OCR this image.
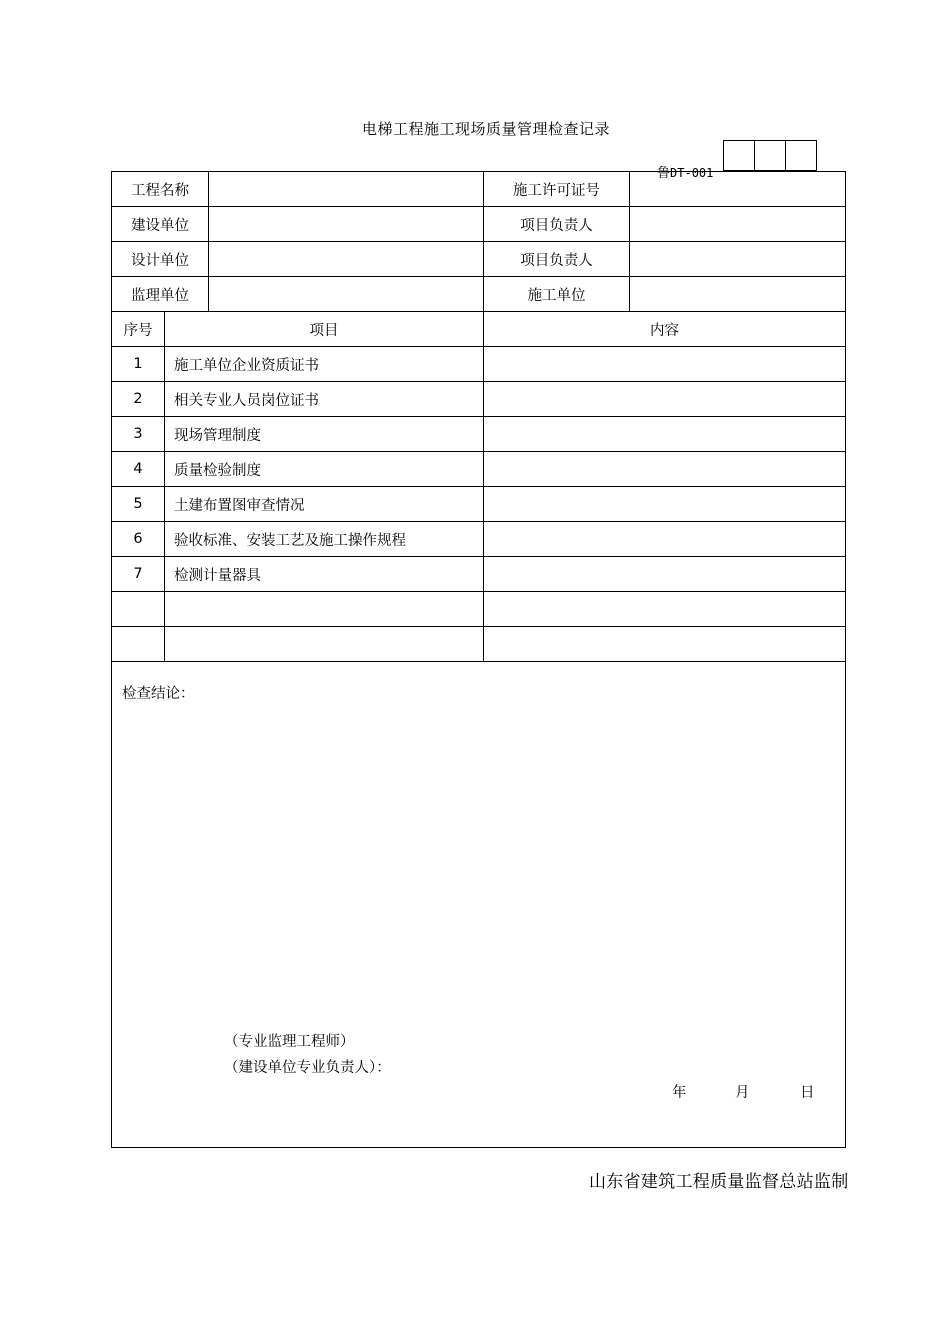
电梯工程施工现场质量管理检查记录
鲁DT-001
工程名称			施工许可证号	
建设单位			项目负责人	
设计单位			项目负责人	
监理单位			施工单位	
序号	项目		内容	
1	施工单位企业资质证书			
2	相关专业人员岗位证书			
3	现场管理制度			
4	质量检验制度			
5	土建布置图审查情况			
6	验收标准、安装工艺及施工操作规程			
7	检测计量器具			

检查结论：
（专业监理工程师）
（建设单位专业负责人）：
年 月 日				
山东省建筑工程质量监督总站监制
